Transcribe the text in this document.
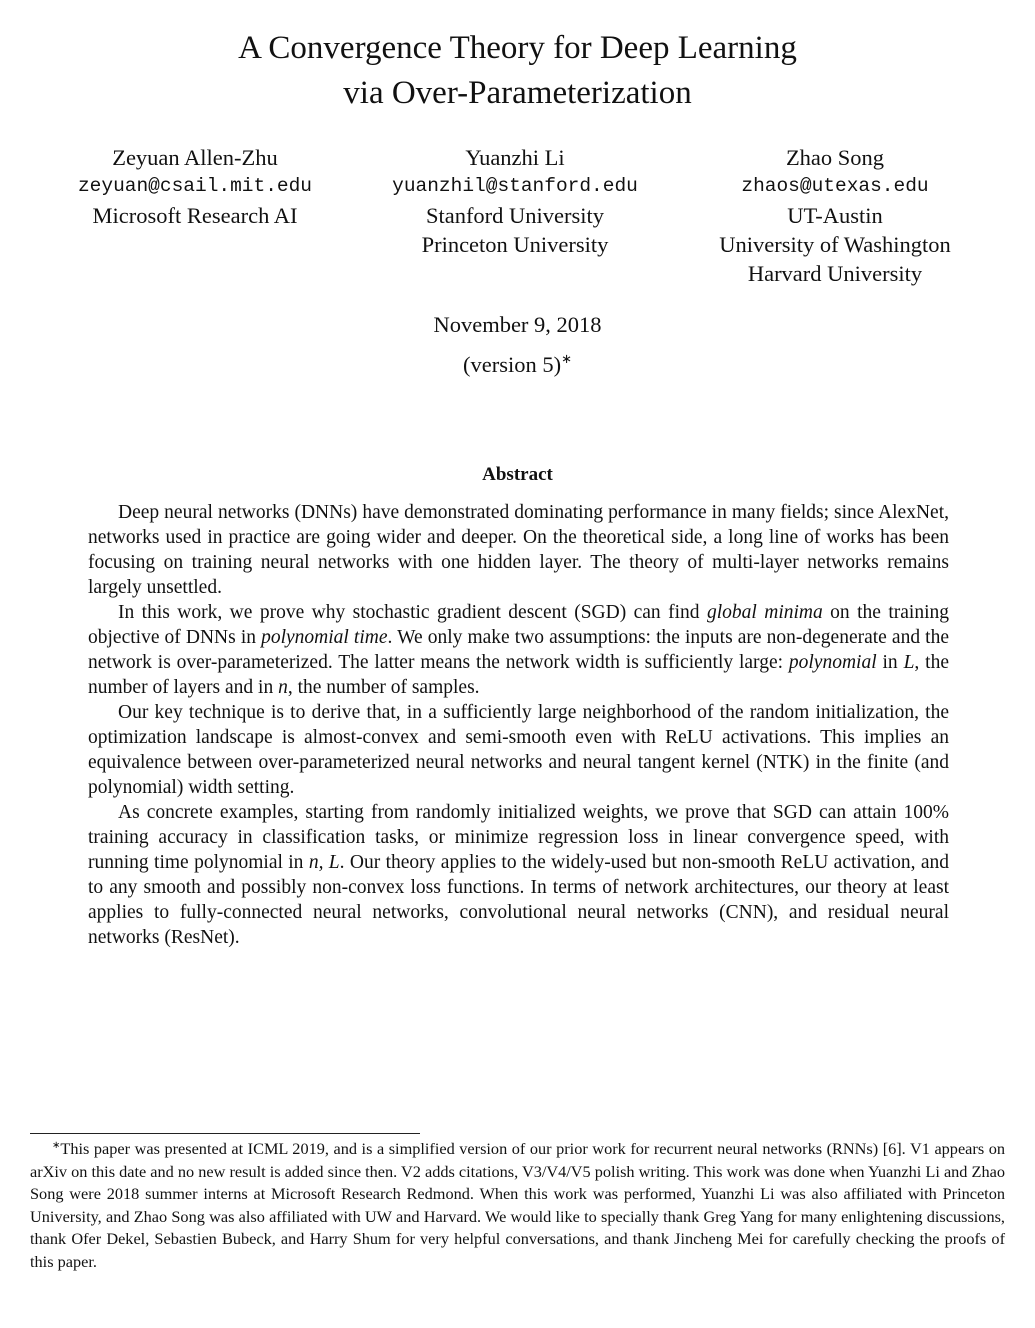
A Convergence Theory for Deep Learning
via Over-Parameterization
Zeyuan Allen-Zhu
zeyuan@csail.mit.edu
Microsoft Research AI
Yuanzhi Li
yuanzhil@stanford.edu
Stanford University
Princeton University
Zhao Song
zhaos@utexas.edu
UT-Austin
University of Washington
Harvard University
November 9, 2018
(version 5)∗
Abstract

Deep neural networks (DNNs) have demonstrated dominating performance in many fields; since AlexNet, networks used in practice are going wider and deeper. On the theoretical side, a long line of works has been focusing on training neural networks with one hidden layer. The theory of multi-layer networks remains largely unsettled.

In this work, we prove why stochastic gradient descent (SGD) can find global minima on the training objective of DNNs in polynomial time. We only make two assumptions: the inputs are non-degenerate and the network is over-parameterized. The latter means the network width is sufficiently large: polynomial in L, the number of layers and in n, the number of samples.

Our key technique is to derive that, in a sufficiently large neighborhood of the random initialization, the optimization landscape is almost-convex and semi-smooth even with ReLU activations. This implies an equivalence between over-parameterized neural networks and neural tangent kernel (NTK) in the finite (and polynomial) width setting.

As concrete examples, starting from randomly initialized weights, we prove that SGD can attain 100% training accuracy in classification tasks, or minimize regression loss in linear convergence speed, with running time polynomial in n, L. Our theory applies to the widely-used but non-smooth ReLU activation, and to any smooth and possibly non-convex loss functions. In terms of network architectures, our theory at least applies to fully-connected neural networks, convolutional neural networks (CNN), and residual neural networks (ResNet).

∗This paper was presented at ICML 2019, and is a simplified version of our prior work for recurrent neural networks (RNNs) [6]. V1 appears on arXiv on this date and no new result is added since then. V2 adds citations, V3/V4/V5 polish writing. This work was done when Yuanzhi Li and Zhao Song were 2018 summer interns at Microsoft Research Redmond. When this work was performed, Yuanzhi Li was also affiliated with Princeton University, and Zhao Song was also affiliated with UW and Harvard. We would like to specially thank Greg Yang for many enlightening discussions, thank Ofer Dekel, Sebastien Bubeck, and Harry Shum for very helpful conversations, and thank Jincheng Mei for carefully checking the proofs of this paper.
